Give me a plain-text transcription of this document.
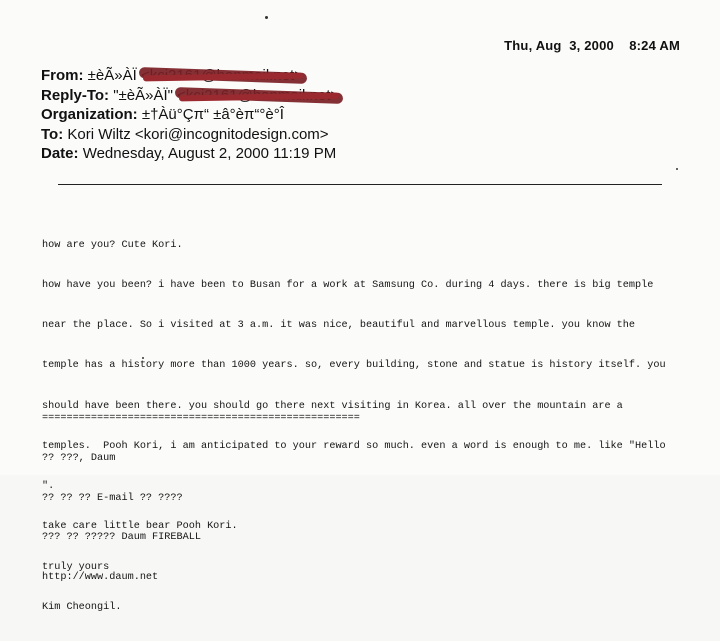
Thu, Aug  3, 2000    8:24 AM
From: ±èÃ»ÀÏ
Reply-To: "±èÃ»ÀÏ"
Organization: ±†Àü°Çπ“ ±â°èπ“°è°Î
To: Kori Wiltz <kori@incognitodesign.com>
Date: Wednesday, August 2, 2000 11:19 PM

how are you? Cute Kori.

how have you been? i have been to Busan for a work at Samsung Co. during 4 days. there is big temple

near the place. So i visited at 3 a.m. it was nice, beautiful and marvellous temple. you know the

temple has a history more than 1000 years. so, every building, stone and statue is history itself. you

should have been there. you should go there next visiting in Korea. all over the mountain are a

temples.  Pooh Kori, i am anticipated to your reward so much. even a word is enough to me. like "Hello

".

take care little bear Pooh Kori.

truly yours

Kim Cheongil.

====================================================

?? ???, Daum

?? ?? ?? E-mail ?? ????

??? ?? ????? Daum FIREBALL

http://www.daum.net
